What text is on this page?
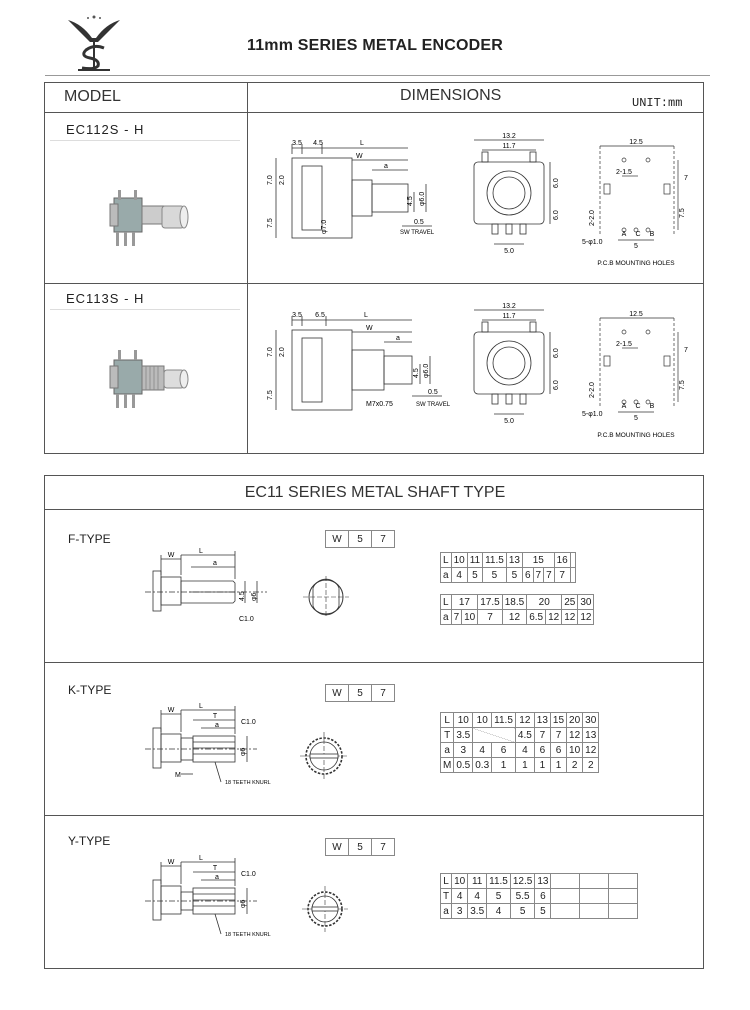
11mm SERIES METAL ENCODER
MODEL	DIMENSIONS	UNIT:mm
EC112S - H
3.5 4.5	L
W
a
7.0 2.0
7.5	φ7.0
φ6.0
4.5
0.5
SW TRAVEL
13.2
11.7
6.0
6.0
5.0
12.5
2-1.5
7
7.5
2-2.0
5-φ1.0
A C B
5
P.C.B MOUNTING HOLES
EC113S - H
3.5 6.5	L
W
a
7.0 2.0
7.5
φ6.0
4.5
M7x0.75
0.5
SW TRAVEL
13.2
11.7
6.0
6.0
5.0
12.5
2-1.5
7
7.5
2-2.0
5-φ1.0
A C B
5
P.C.B MOUNTING HOLES
EC11 SERIES METAL SHAFT TYPE
F-TYPE	W	5	7
W
L
a
4.5 φ6
C1.0
L	10	11	11.5	13	15			16	
a	4	5	5	5	6	7	7	7	
L	17		17.5	18.5	20		25	30
a	7	10	7	12	6.5	12	12	12
K-TYPE	W	5	7
W
L
T
a	C1.0
φ6
M
18 TEETH KNURL
L	10	10	11.5	12	13	15	20	30
T	3.5			4.5	7	7	12	13
a	3	4	6	4	6	6	10	12
M	0.5	0.3	1	1	1	1	2	2
Y-TYPE	W	5	7
W
L
T
a	C1.0
φ6
18 TEETH KNURL
L	10	11	11.5	12.5	13			
T	4	4	5	5.5	6			
a	3	3.5	4	5	5			
